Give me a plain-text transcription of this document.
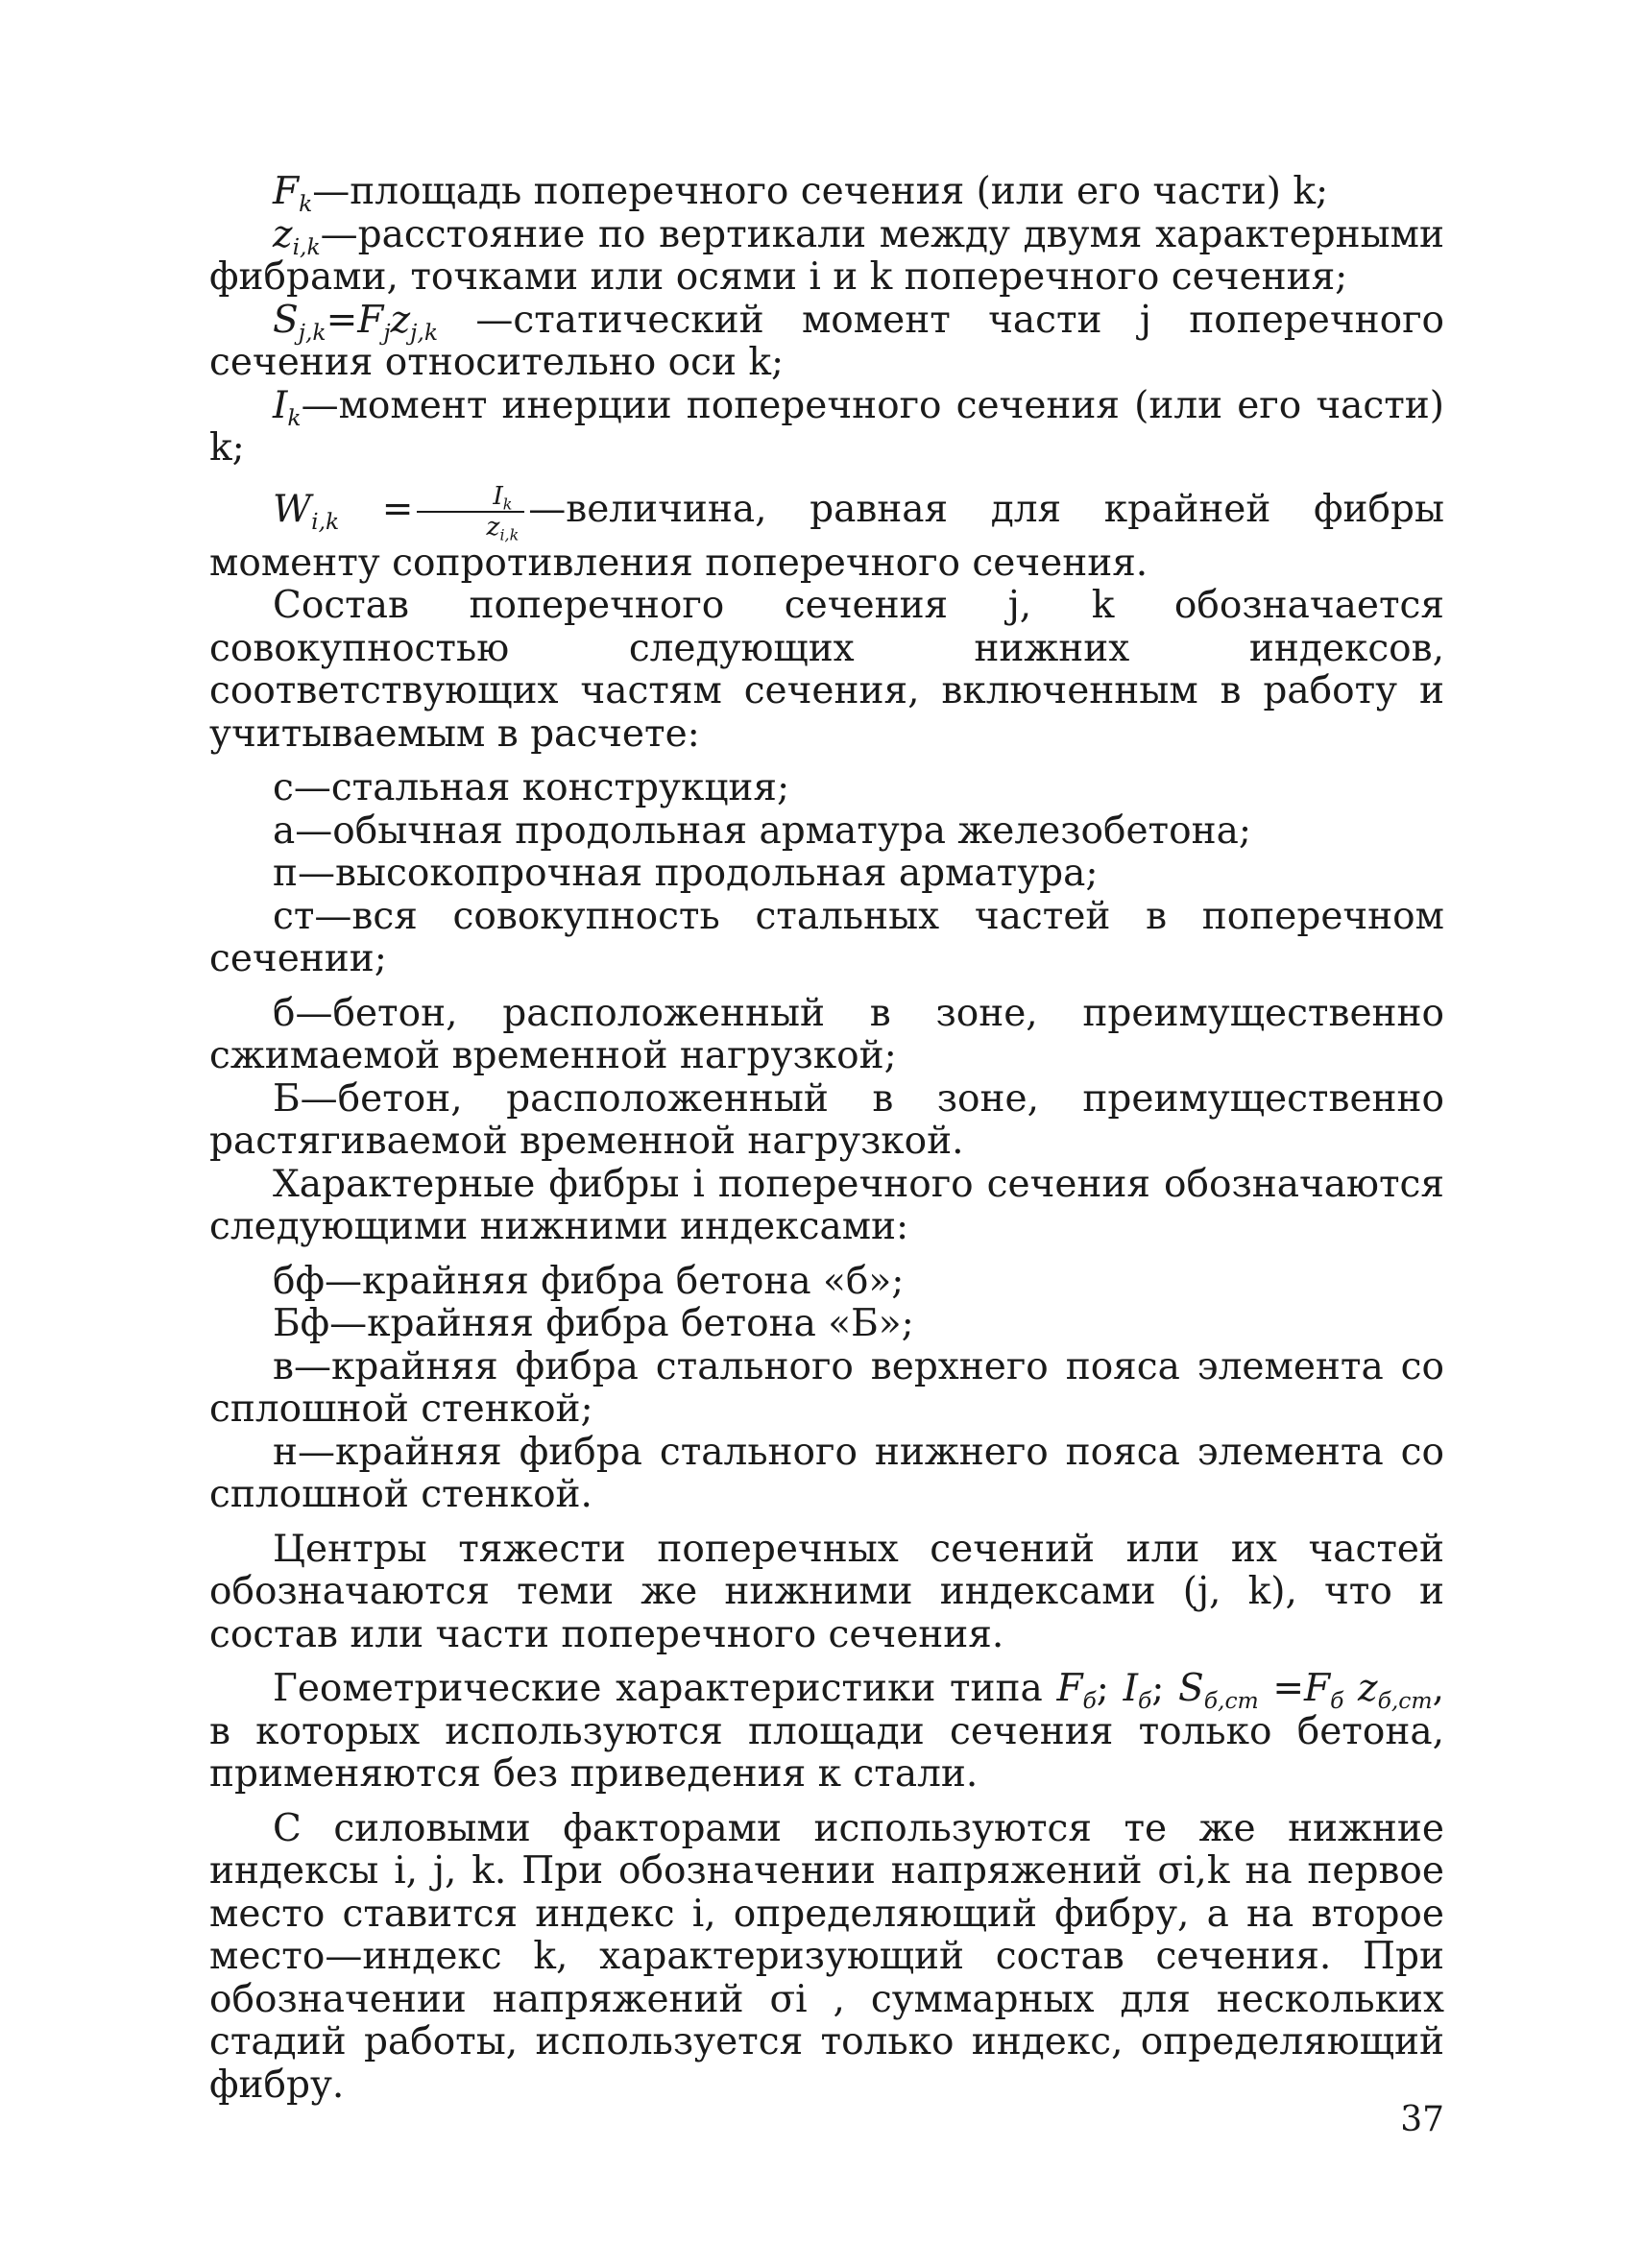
$F_k—площадь$ поперечного сечения (или его части) k;

$z_{i,k}—расстояние$ по вертикали между двумя характерными фибрами, точками или осями i и k поперечного сечения;

$S_{j,k}=F_jz_{j,k}$ —статический момент части j поперечного сечения относительно оси k;

$I_k—момент$ инерции поперечного сечения (или его части) k;

$W_{i,k} = \frac{I_k}{z_{i,k}}$ —величина, равная для крайней фибры моменту сопротивления поперечного сечения.

Состав поперечного сечения j, k обозначается совокупностью следующих нижних индексов, соответствующих частям сечения, включенным в работу и учитываемым в расчете:

с—стальная конструкция;

а—обычная продольная арматура железобетона;

п—высокопрочная продольная арматура;

ст—вся совокупность стальных частей в поперечном сечении;

б—бетон, расположенный в зоне, преимущественно сжимаемой временной нагрузкой;

Б—бетон, расположенный в зоне, преимущественно растягиваемой временной нагрузкой.

Характерные фибры i поперечного сечения обозначаются следующими нижними индексами:

бф—крайняя фибра бетона «б»;

Бф—крайняя фибра бетона «Б»;

в—крайняя фибра стального верхнего пояса элемента со сплошной стенкой;

н—крайняя фибра стального нижнего пояса элемента со сплошной стенкой.

Центры тяжести поперечных сечений или их частей обозначаются теми же нижними индексами (j, k), что и состав или части поперечного сечения.

Геометрические характеристики типа $F_б$; $I_б$; $S_{б,ст} =F_б$ $z_{б,ст}$, в которых используются площади сечения только бетона, применяются без приведения к стали.

С силовыми факторами используются те же нижние индексы i, j, k. При обозначении напряжений σi,k на первое место ставится индекс i, определяющий фибру, а на второе место—индекс k, характеризующий состав сечения. При обозначении напряжений σi , суммарных для нескольких стадий работы, используется только индекс, определяющий фибру.

37
